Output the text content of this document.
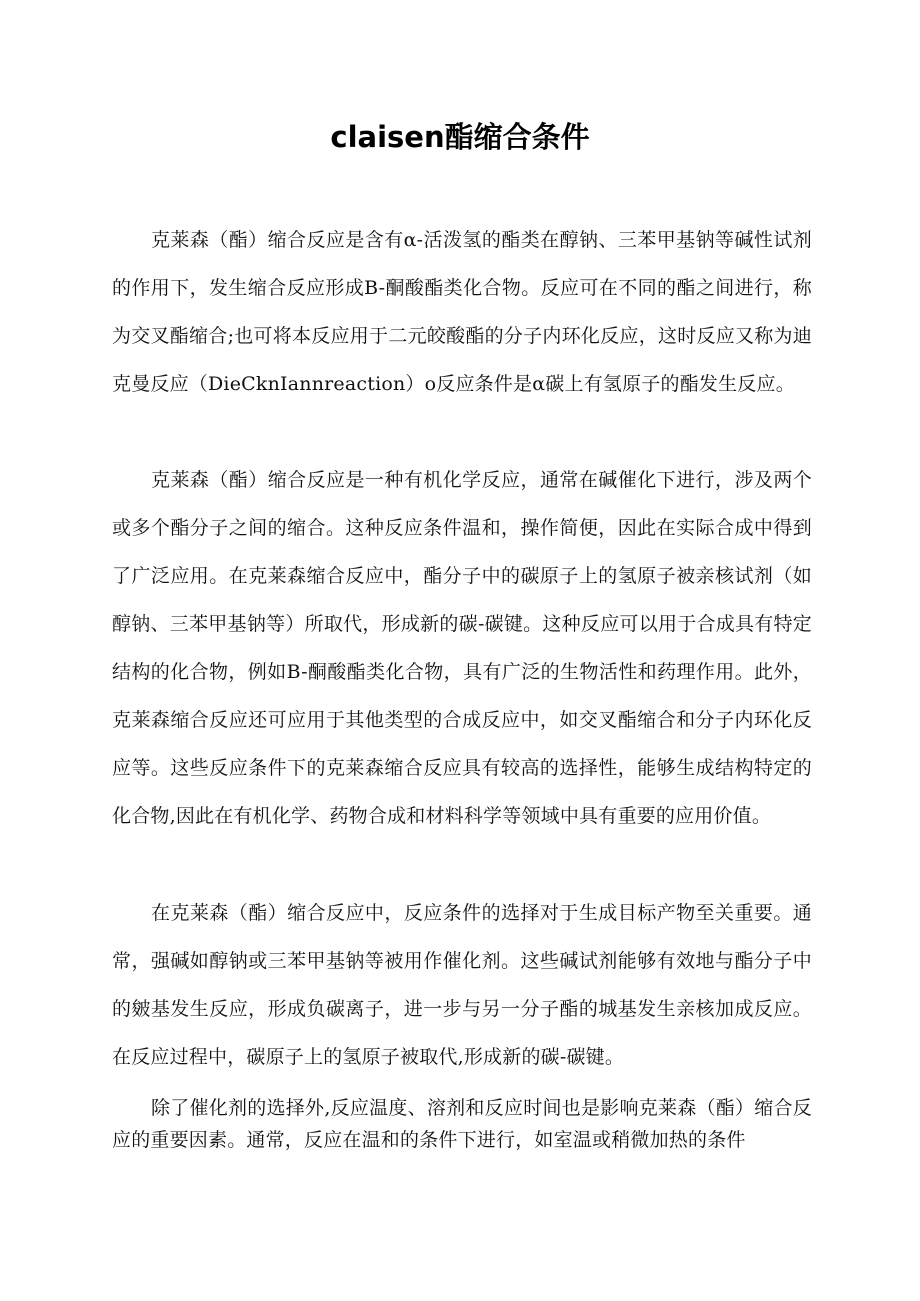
claisen酯缩合条件

克莱森（酯）缩合反应是含有α-活泼氢的酯类在醇钠、三苯甲基钠等碱性试剂的作用下，发生缩合反应形成B-酮酸酯类化合物。反应可在不同的酯之间进行，称为交叉酯缩合;也可将本反应用于二元皎酸酯的分子内环化反应，这时反应又称为迪克曼反应（DieCknIannreaction）o反应条件是α碳上有氢原子的酯发生反应。

克莱森（酯）缩合反应是一种有机化学反应，通常在碱催化下进行，涉及两个或多个酯分子之间的缩合。这种反应条件温和，操作简便，因此在实际合成中得到了广泛应用。在克莱森缩合反应中，酯分子中的碳原子上的氢原子被亲核试剂（如醇钠、三苯甲基钠等）所取代，形成新的碳-碳键。这种反应可以用于合成具有特定结构的化合物，例如B-酮酸酯类化合物，具有广泛的生物活性和药理作用。此外，克莱森缩合反应还可应用于其他类型的合成反应中，如交叉酯缩合和分子内环化反应等。这些反应条件下的克莱森缩合反应具有较高的选择性，能够生成结构特定的化合物,因此在有机化学、药物合成和材料科学等领域中具有重要的应用价值。

在克莱森（酯）缩合反应中，反应条件的选择对于生成目标产物至关重要。通常，强碱如醇钠或三苯甲基钠等被用作催化剂。这些碱试剂能够有效地与酯分子中的皴基发生反应，形成负碳离子，进一步与另一分子酯的城基发生亲核加成反应。在反应过程中，碳原子上的氢原子被取代,形成新的碳-碳键。

除了催化剂的选择外,反应温度、溶剂和反应时间也是影响克莱森（酯）缩合反应的重要因素。通常，反应在温和的条件下进行，如室温或稍微加热的条件
